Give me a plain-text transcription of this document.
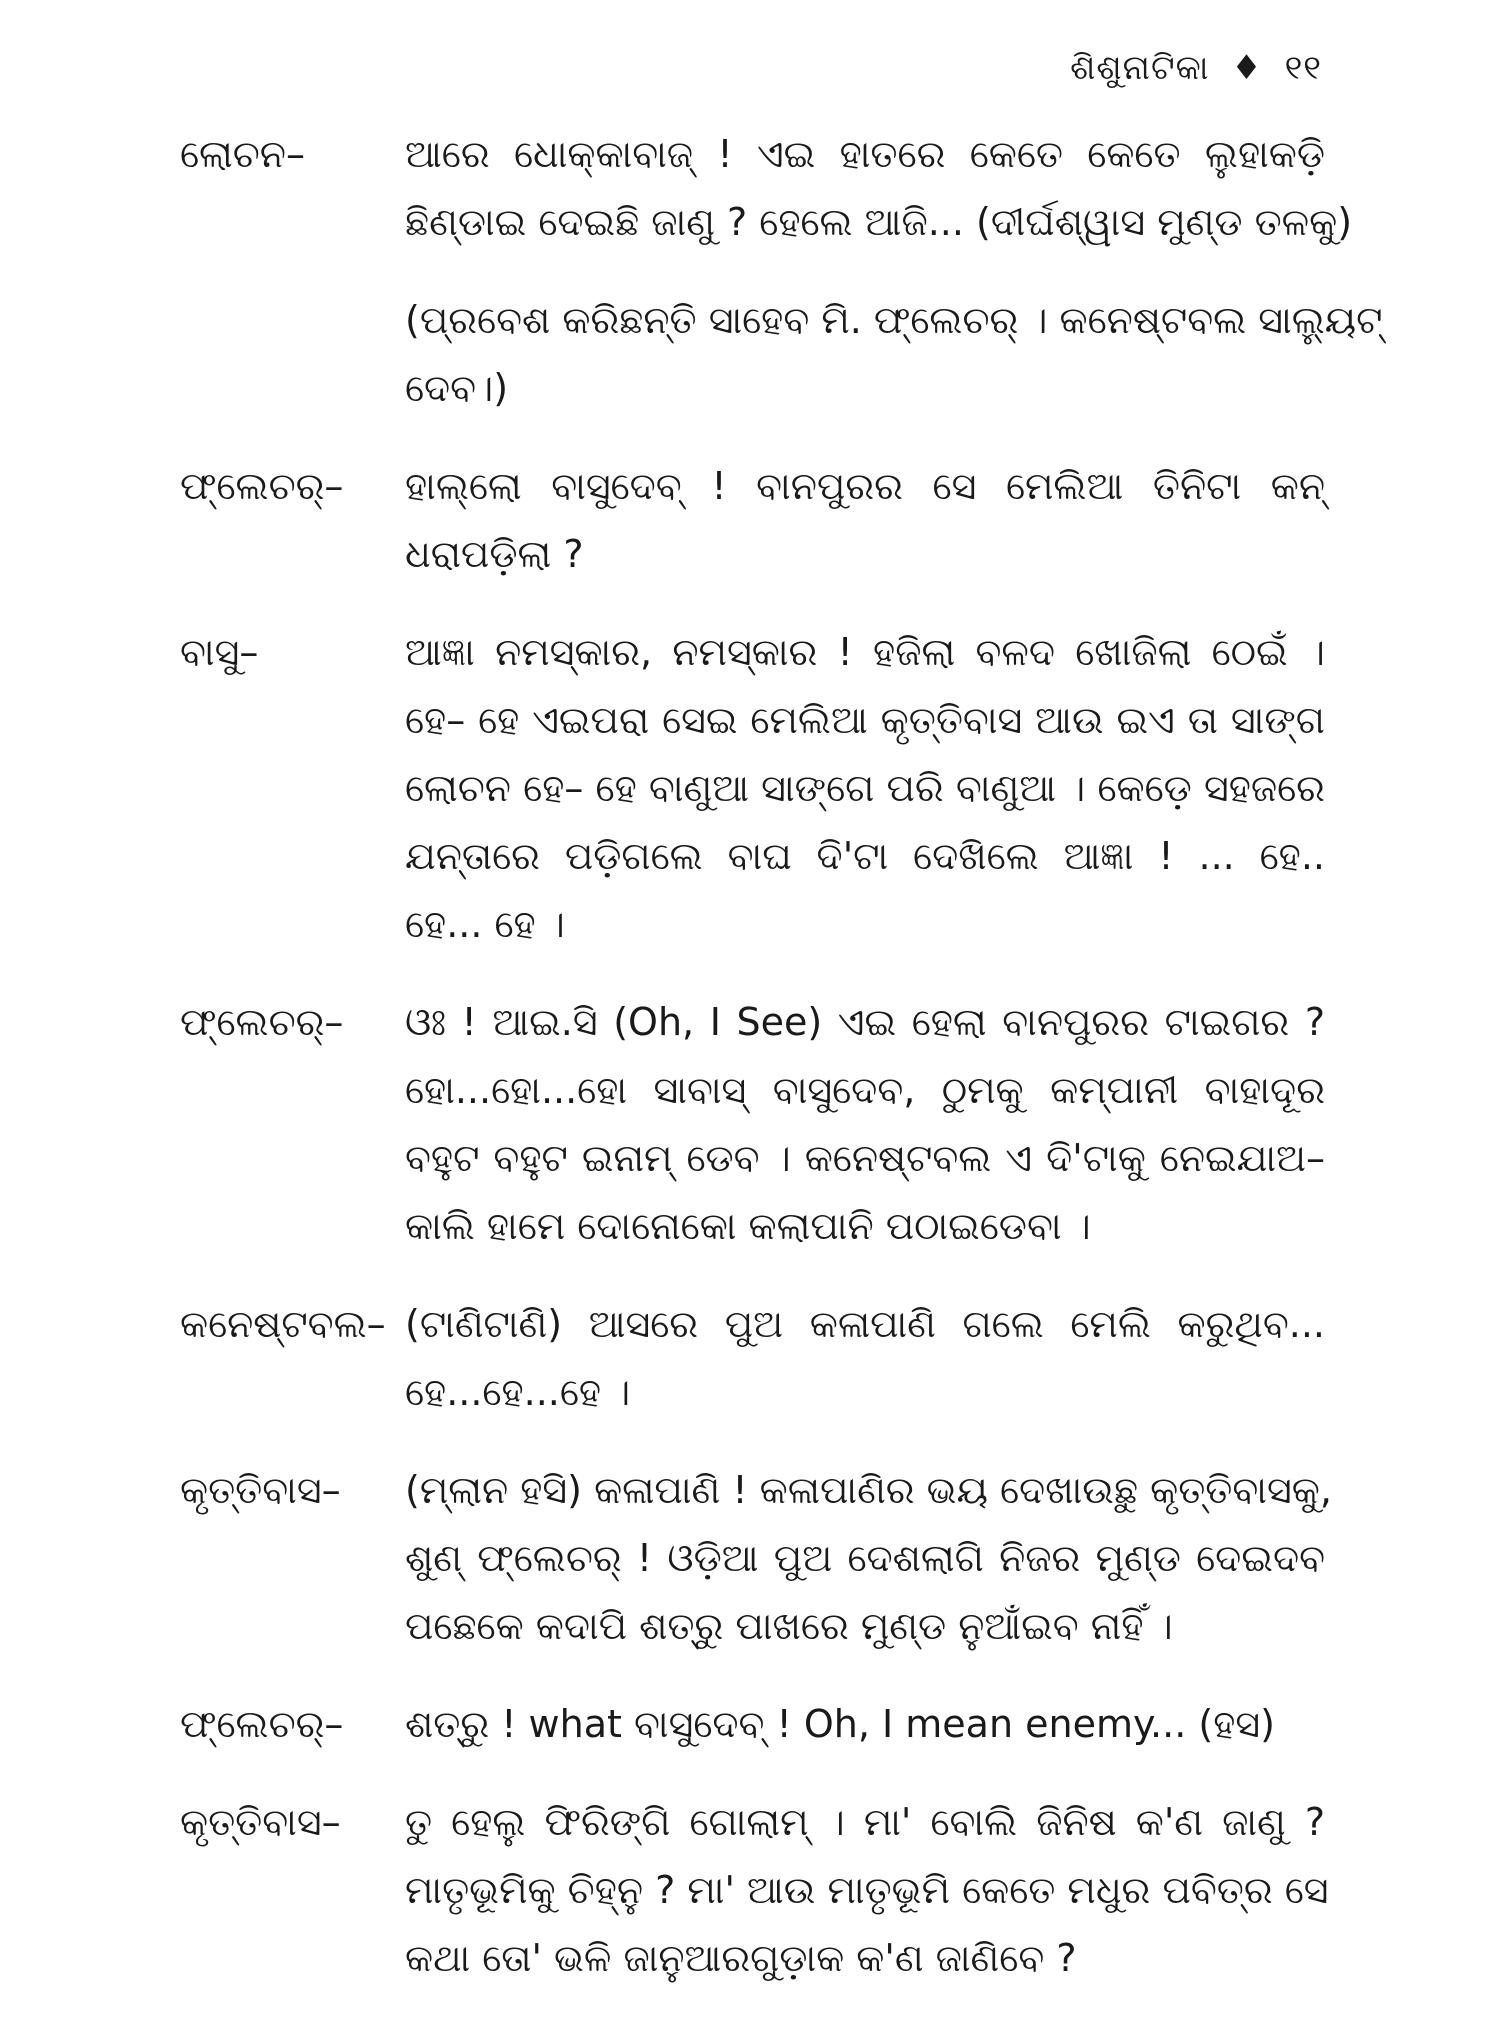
ଶିଶୁନାଟିକା ♦ ୧୧
ଲୋଚନ–	ଆରେ ଧୋକ୍କାବାଜ୍ ! ଏଇ ହାତରେ କେତେ କେତେ ଲୁହାକଡ଼ି
ଛିଣ୍ଡାଇ ଦେଇଛି ଜାଣୁ ? ହେଲେ ଆଜି... (ଦୀର୍ଘଶ୍ୱାସ ମୁଣ୍ଡ ତଳକୁ)
(ପ୍ରବେଶ କରିଛନ୍ତି ସାହେବ ମି. ଫ୍ଲେଚର୍ । କନେଷ୍ଟବଲ ସାଲ୍ୟୁଟ୍
ଦେବ।)
ଫ୍ଲେଚର୍– ହାଲ୍ଲୋ ବାସୁଦେବ୍ ! ବାନପୁରର ସେ ମେଲିଆ ତିନିଟା କନ୍
ଧରାପଡ଼ିଲା ?
ବାସୁ–	ଆଜ୍ଞା ନମସ୍କାର, ନମସ୍କାର ! ହଜିଲା ବଳଦ ଖୋଜିଲା ଠେଇଁ ।
ହେ– ହେ ଏଇପରା ସେଇ ମେଲିଆ କୃତ୍ତିବାସ ଆଉ ଇଏ ତା ସାଙ୍ଗ
ଲୋଚନ ହେ– ହେ ବାଣୁଆ ସାଙ୍ଗେ ପରି ବାଣୁଆ । କେଡ଼େ ସହଜରେ
ଯନ୍ତାରେ ପଡ଼ିଗଲେ ବାଘ ଦି'ଟା ଦେଖିଲେ ଆଜ୍ଞା ! ... ହେ..
ହେ... ହେ ।
ଫ୍ଲେଚର୍– ଓଃ ! ଆଇ.ସି (Oh, I See) ଏଇ ହେଲା ବାନପୁରର ଟାଇଗର ?
ହୋ...ହୋ...ହୋ ସାବାସ୍ ବାସୁଦେବ, ଠୁମକୁ କମ୍ପାନୀ ବାହାଦୂର
ବହୁଟ ବହୁଟ ଇନାମ୍ ଡେବ । କନେଷ୍ଟବଲ ଏ ଦି'ଟାକୁ ନେଇଯାଅ–
କାଲି ହାମେ ଦୋନୋକୋ କଲାପାନି ପଠାଇଡେବା ।
କନେଷ୍ଟବଲ– (ଟାଣିଟାଣି) ଆସରେ ପୁଅ କଳାପାଣି ଗଲେ ମେଲି କରୁଥିବ...
ହେ...ହେ...ହେ ।
କୃତ୍ତିବାସ– (ମ୍ଲାନ ହସି) କଳାପାଣି ! କଳାପାଣିର ଭୟ ଦେଖାଉଛୁ କୃତ୍ତିବାସକୁ,
ଶୁଣ୍ ଫ୍ଲେଚର୍ ! ଓଡ଼ିଆ ପୁଅ ଦେଶଲାଗି ନିଜର ମୁଣ୍ଡ ଦେଇଦବ
ପଛେକେ କଦାପି ଶତ୍ରୁ ପାଖରେ ମୁଣ୍ଡ ନୁଆଁଇବ ନାହିଁ ।
ଫ୍ଲେଚର୍– ଶତ୍ରୁ ! what ବାସୁଦେବ୍ ! Oh, I mean enemy... (ହସ)
କୃତ୍ତିବାସ– ତୁ ହେଲୁ ଫିରିଙ୍ଗି ଗୋଲାମ୍ । ମା' ବୋଲି ଜିନିଷ କ'ଣ ଜାଣୁ ?
ମାତୃଭୂମିକୁ ଚିହ୍ନୁ ? ମା' ଆଉ ମାତୃଭୂମି କେତେ ମଧୁର ପବିତ୍ର ସେ
କଥା ତୋ' ଭଳି ଜାନୁଆରଗୁଡ଼ାକ କ'ଣ ଜାଣିବେ ?
